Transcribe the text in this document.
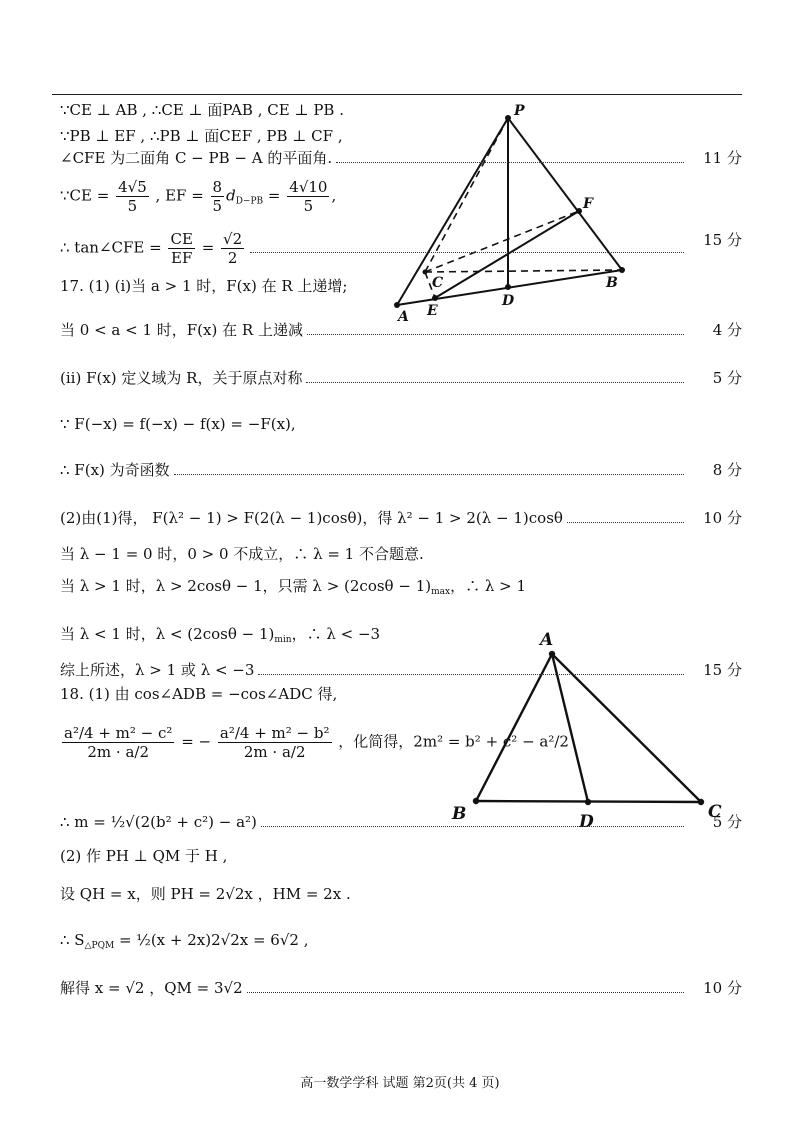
P
F
C	B
A E
D
A
B	D	C
∵CE ⊥ AB , ∴CE ⊥ 面PAB , CE ⊥ PB .
∵PB ⊥ EF , ∴PB ⊥ 面CEF , PB ⊥ CF ,
∠CFE 为二面角 C − PB − A 的平面角.	11 分
∵CE = $\frac{4√5}{5}$ , EF = $\frac{8}{5} d_{D-PB} = \frac{4√10}{5}$ ,
∴ tan∠CFE = $\frac{CE}{EF} = \frac{√2}{2}$	15 分
17. (1) (i)当 a > 1 时，F(x) 在 R 上递增;
当 0 < a < 1 时，F(x) 在 R 上递减	4 分
(ii) F(x) 定义域为 R，关于原点对称	5 分
∵ F(−x) = f(−x) − f(x) = −F(x),
∴ F(x) 为奇函数	8 分
(2)由(1)得， F(λ² − 1) > F(2(λ − 1)cosθ)，得 λ² − 1 > 2(λ − 1)cosθ	10 分
当 λ − 1 = 0 时，0 > 0 不成立，∴ λ = 1 不合题意.
当 λ > 1 时，λ > 2cosθ − 1，只需 $\lambda > (2\cos\theta - 1)_{max}$，∴ λ > 1
当 λ < 1 时，$\lambda < (2\cos\theta - 1)_{min}$，∴ λ < −3
综上所述，λ > 1 或 λ < −3	15 分
18. (1) 由 cos∠ADB = −cos∠ADC 得,
$\frac{\text{a²/4 + m² − c²}}{2m \cdot a/2}$ = − $\frac{\text{a²/4 + m² − b²}}{2m \cdot a/2}$ ，化简得，2m² = b² + c² − a²/2
∴ m = ½√(2(b² + c²) − a²)	5 分
(2) 作 PH ⊥ QM 于 H ,
设 QH = x，则 PH = 2√2x ，HM = 2x .
∴ $S_{\triangle PQM}$ = ½(x + 2x)2√2x = 6√2 ,
解得 x = √2 ，QM = 3√2	10 分
高一数学学科 试题 第2页(共 4 页)
